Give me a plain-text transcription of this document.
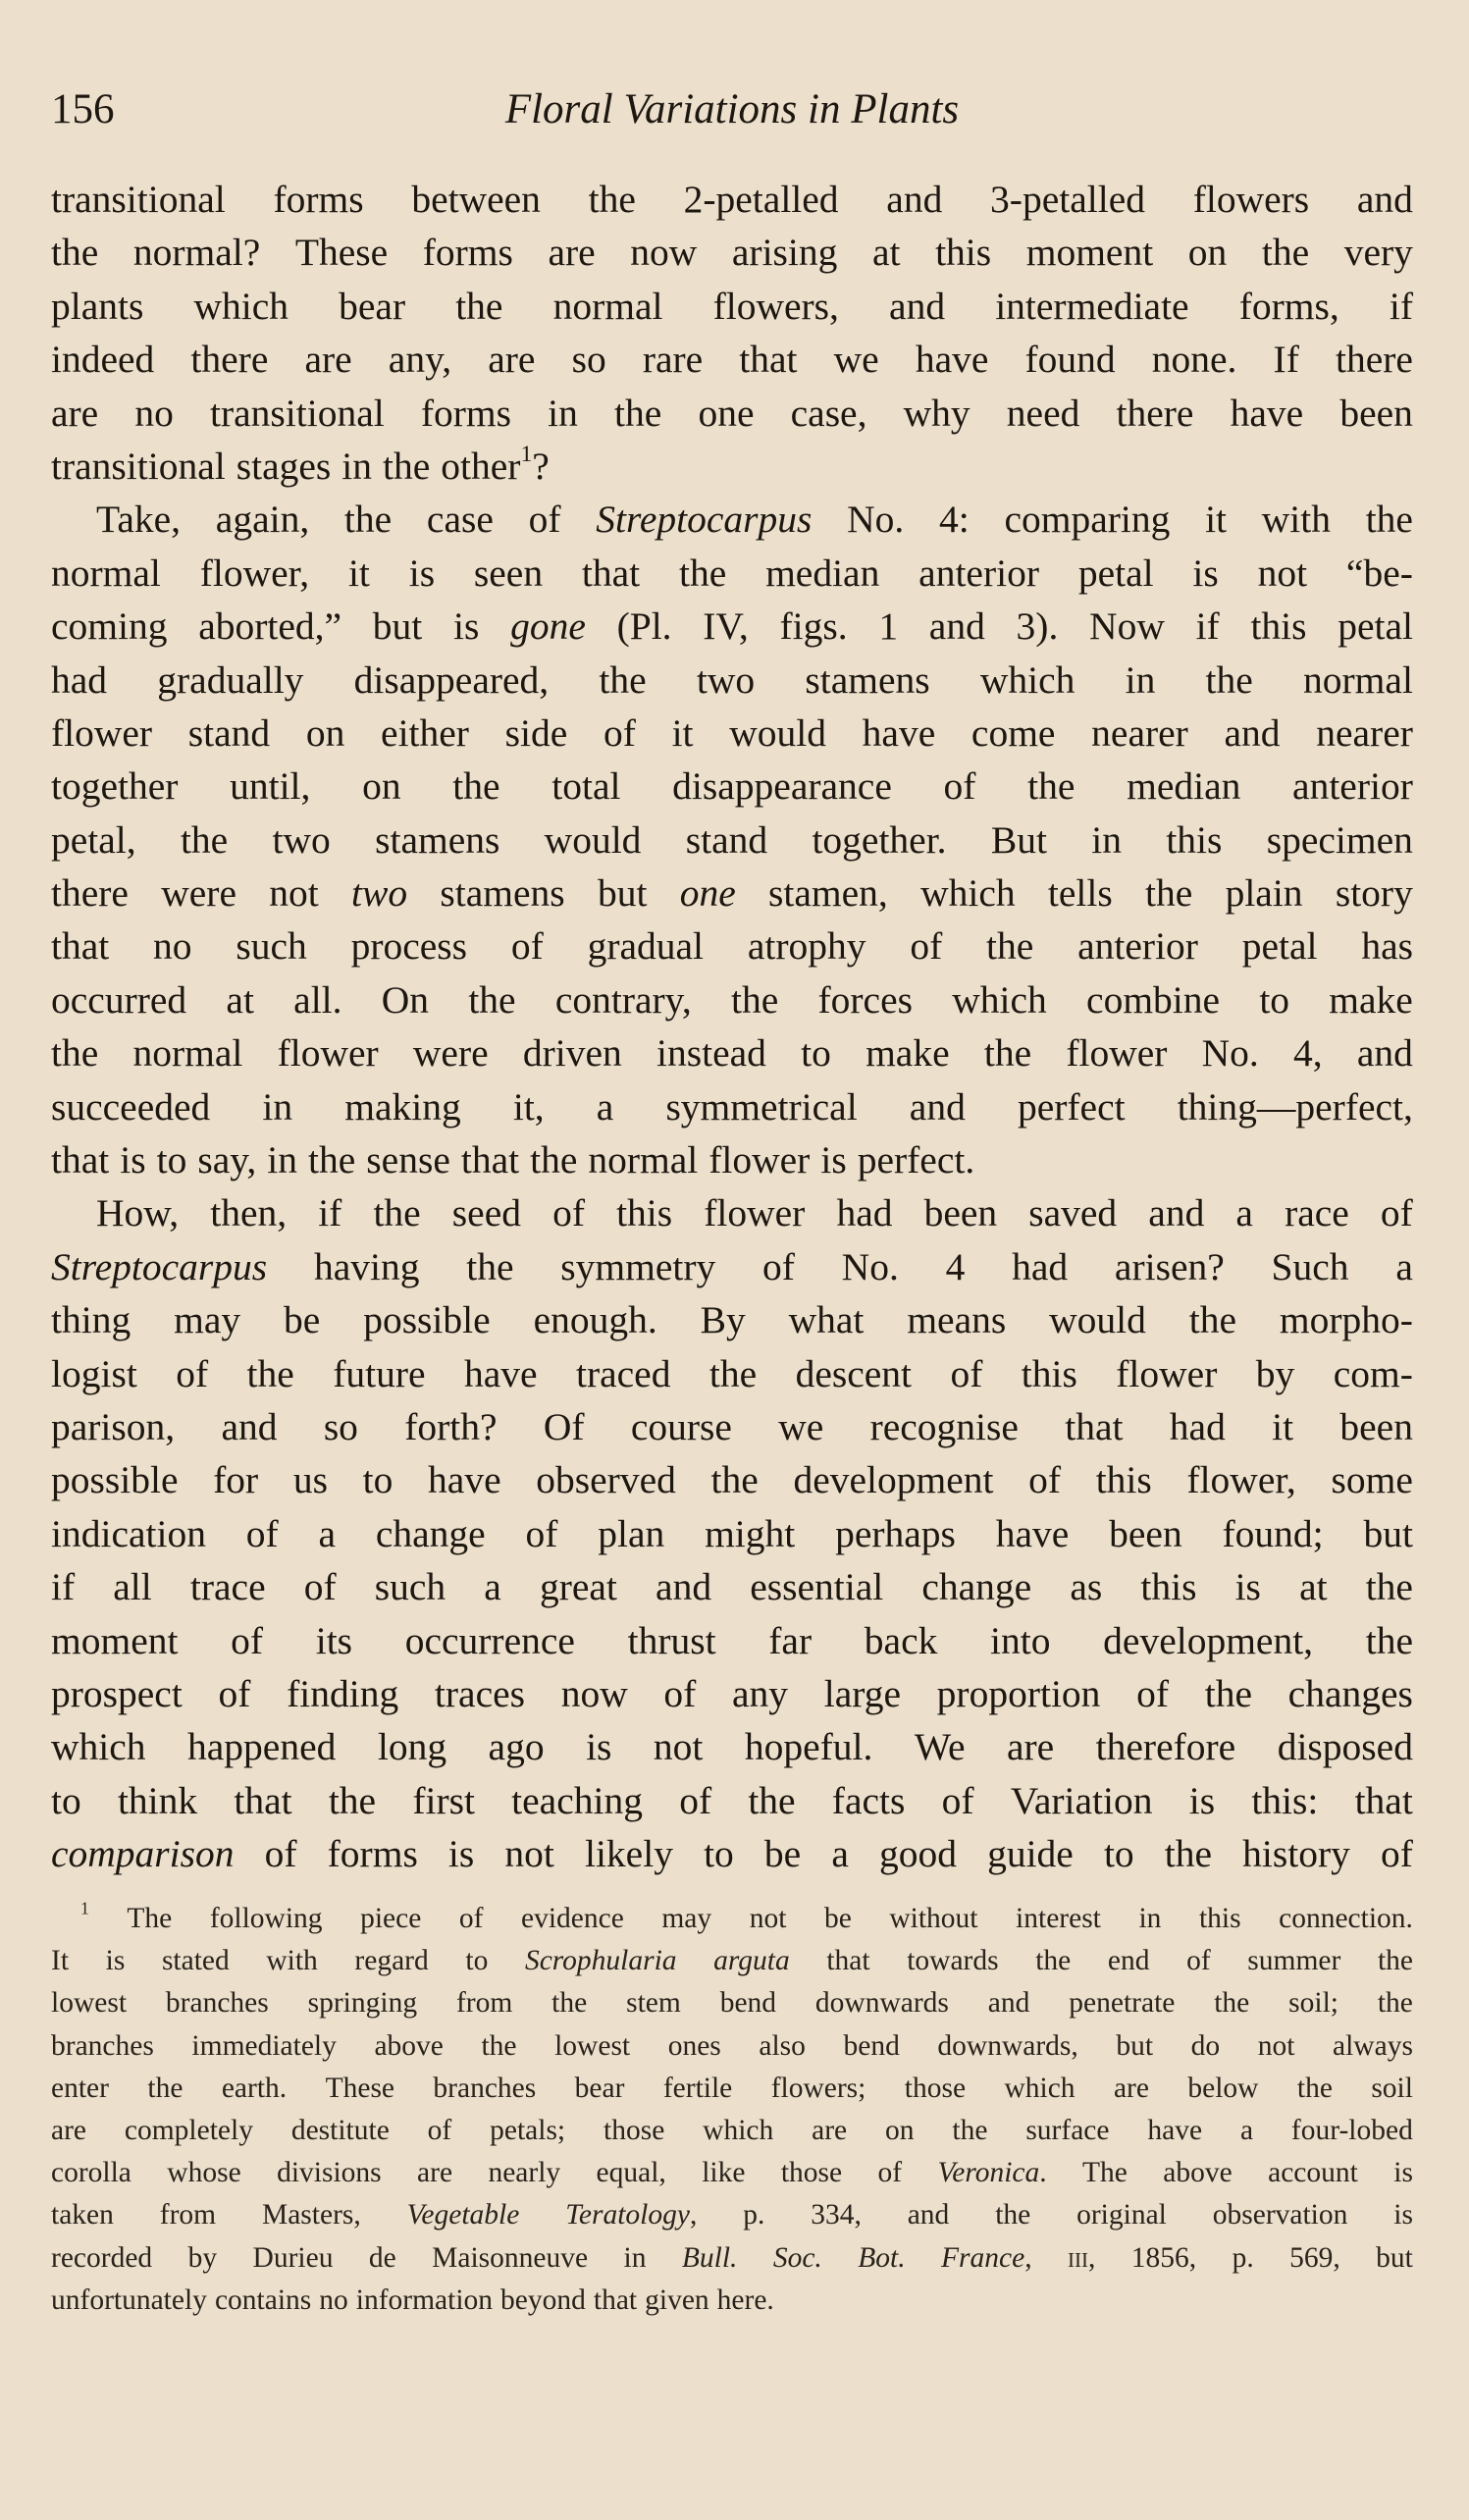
156	Floral Variations in Plants
transitional forms between the 2-petalled and 3-petalled flowers and
the normal? These forms are now arising at this moment on the very
plants which bear the normal flowers, and intermediate forms, if
indeed there are any, are so rare that we have found none. If there
are no transitional forms in the one case, why need there have been
transitional stages in the other$^1$?
Take, again, the case of Streptocarpus No. 4: comparing it with the
normal flower, it is seen that the median anterior petal is not “be-
coming aborted,” but is gone (Pl. IV, figs. 1 and 3). Now if this petal
had gradually disappeared, the two stamens which in the normal
flower stand on either side of it would have come nearer and nearer
together until, on the total disappearance of the median anterior
petal, the two stamens would stand together. But in this specimen
there were not two stamens but one stamen, which tells the plain story
that no such process of gradual atrophy of the anterior petal has
occurred at all. On the contrary, the forces which combine to make
the normal flower were driven instead to make the flower No. 4, and
succeeded in making it, a symmetrical and perfect thing—perfect,
that is to say, in the sense that the normal flower is perfect.
How, then, if the seed of this flower had been saved and a race of
Streptocarpus having the symmetry of No. 4 had arisen? Such a
thing may be possible enough. By what means would the morpho-
logist of the future have traced the descent of this flower by com-
parison, and so forth? Of course we recognise that had it been
possible for us to have observed the development of this flower, some
indication of a change of plan might perhaps have been found; but
if all trace of such a great and essential change as this is at the
moment of its occurrence thrust far back into development, the
prospect of finding traces now of any large proportion of the changes
which happened long ago is not hopeful. We are therefore disposed
to think that the first teaching of the facts of Variation is this: that
comparison of forms is not likely to be a good guide to the history of
$^1$ The following piece of evidence may not be without interest in this connection.
It is stated with regard to Scrophularia arguta that towards the end of summer the
lowest branches springing from the stem bend downwards and penetrate the soil; the
branches immediately above the lowest ones also bend downwards, but do not always
enter the earth. These branches bear fertile flowers; those which are below the soil
are completely destitute of petals; those which are on the surface have a four-lobed
corolla whose divisions are nearly equal, like those of Veronica. The above account is
taken from Masters, Vegetable Teratology, p. 334, and the original observation is
recorded by Durieu de Maisonneuve in Bull. Soc. Bot. France, iii, 1856, p. 569, but
unfortunately contains no information beyond that given here.
